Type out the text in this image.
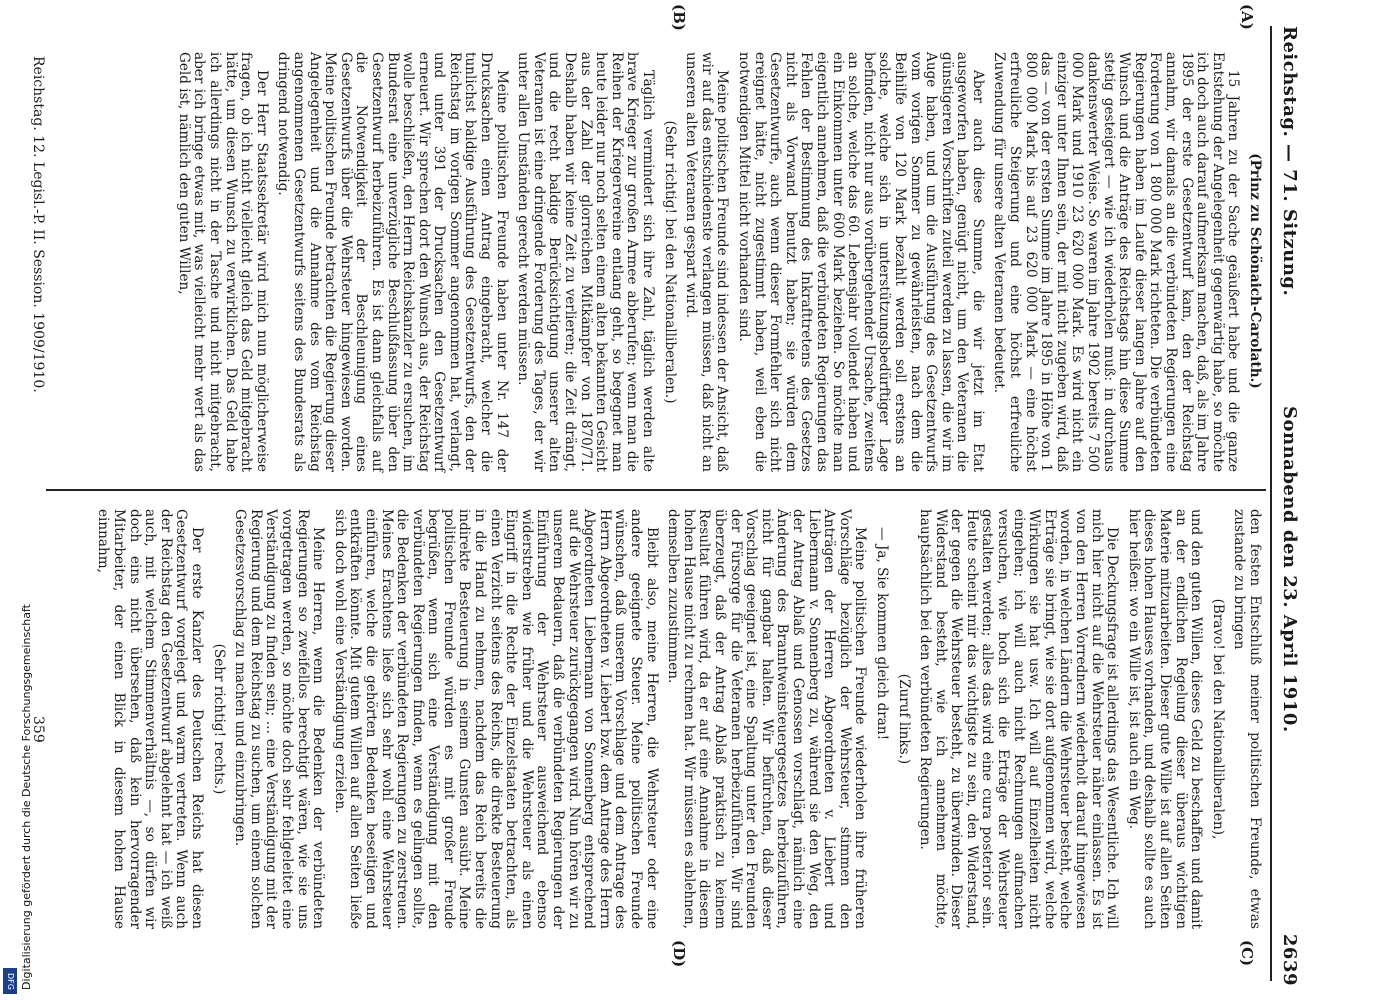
Reichstag. — 71. Sitzung.
Sonnabend den 23. April 1910.
2639
(A)
(B)
(C)
(D)

(Prinz zu Schönaich-Carolath.)

15 Jahren zu der Sache geäußert habe und die ganze Entstehung der Angelegenheit gegenwärtig habe, so möchte ich doch auch darauf aufmerksam machen, daß, als im Jahre 1895 der erste Gesetzentwurf kam, den der Reichstag annahm, wir damals an die verbündeten Regierungen eine Forderung von 1 800 000 Mark richteten. Die verbündeten Regierungen haben im Laufe dieser langen Jahre auf den Wunsch und die Anträge des Reichstags hin diese Summe stetig gesteigert — wie ich wiederholen muß: in durchaus dankenswerter Weise. So waren im Jahre 1902 bereits 7 500 000 Mark und 1910 23 620 000 Mark. Es wird nicht ein einziger unter Ihnen sein, der mit nicht zugeben wird, daß das — von der ersten Summe im Jahre 1895 in Höhe von 1 800 000 Mark bis auf 23 620 000 Mark — eine höchst erfreuliche Steigerung und eine höchst erfreuliche Zuwendung für unsere alten Veteranen bedeutet.

Aber auch diese Summe, die wir jetzt im Etat ausgeworfen haben, genügt nicht, um den Veteranen die günstigeren Vorschriften zuteil werden zu lassen, die wir im Auge haben, und um die Ausführung des Gesetzentwurfs vom vorigen Sommer zu gewährleisten, nach dem die Beihilfe von 120 Mark bezahlt werden soll erstens an solche, welche sich in unterstützungsbedürftiger Lage befinden, nicht nur aus vorübergehender Ursache, zweitens an solche, welche das 60. Lebensjahr vollendet haben und ein Einkommen unter 600 Mark beziehen. So möchte man eigentlich annehmen, daß die verbündeten Regierungen das Fehlen der Bestimmung des Inkrafttretens des Gesetzes nicht als Vorwand benutzt haben; sie würden dem Gesetzentwurfe, auch wenn dieser Formfehler sich nicht ereignet hätte, nicht zugestimmt haben, weil eben die notwendigen Mittel nicht vorhanden sind.

Meine politischen Freunde sind indessen der Ansicht, daß wir auf das entschiedenste verlangen müssen, daß nicht an unseren alten Veteranen gespart wird.

(Sehr richtig! bei den Nationalliberalen.)

Täglich vermindert sich ihre Zahl, täglich werden alte brave Krieger zur großen Armee abberufen; wenn man die Reihen der Kriegervereine entlang geht, so begegnet man heute leider nur noch selten einem alten bekannten Gesicht aus der Zahl der glorreichen Mitkämpfer von 1870/71. Deshalb haben wir keine Zeit zu verlieren; die Zeit drängt, und die recht baldige Berücksichtigung unserer alten Veteranen ist eine dringende Forderung des Tages, der wir unter allen Umständen gerecht werden müssen.

Meine politischen Freunde haben unter Nr. 147 der Drucksachen einen Antrag eingebracht, welcher die tunlichst baldige Ausführung des Gesetzentwurfs, den der Reichstag im vorigen Sommer angenommen hat, verlangt, und unter 391 der Drucksachen den Gesetzentwurf erneuert. Wir sprechen dort den Wunsch aus, der Reichstag wolle beschließen, den Herrn Reichskanzler zu ersuchen, im Bundesrat eine unverzügliche Beschlußfassung über den Gesetzentwurf herbeizuführen. Es ist dann gleichfalls auf die Notwendigkeit der Beschleunigung eines Gesetzentwurfs über die Wehrsteuer hingewiesen worden. Meine politischen Freunde betrachten die Regierung dieser Angelegenheit und die Annahme des vom Reichstag angenommenen Gesetzentwurfs seitens des Bundesrats als dringend notwendig.

Der Herr Staatssekretär wird mich nun möglicherweise fragen, ob ich nicht vielleicht gleich das Geld mitgebracht hätte, um diesen Wunsch zu verwirklichen. Das Geld habe ich allerdings nicht in der Tasche und nicht mitgebracht, aber ich bringe etwas mit, was vielleicht mehr wert als das Geld ist, nämlich den guten Willen,

den festen Entschluß meiner politischen Freunde, etwas zustande zu bringen

(Bravo! bei den Nationalliberalen),

und den guten Willen, dieses Geld zu beschaffen und damit an der endlichen Regelung dieser überaus wichtigen Materie mitzuarbeiten. Dieser gute Wille ist auf allen Seiten dieses hohen Hauses vorhanden, und deshalb sollte es auch hier heißen: wo ein Wille ist, ist auch ein Weg.

Die Deckungsfrage ist allerdings das Wesentliche. Ich will mich hier nicht auf die Wehrsteuer näher einlassen. Es ist von den Herren Vorrednern wiederholt darauf hingewiesen worden, in welchen Ländern die Wehrsteuer besteht, welche Erträge sie bringt, wie sie dort aufgenommen wird, welche Wirkungen sie hat usw. Ich will auf Einzelheiten nicht eingehen; ich will auch nicht Rechnungen aufmachen versuchen, wie hoch sich die Erträge der Wehrsteuer gestalten werden; alles das wird eine cura posterior sein. Heute scheint mir das wichtigste zu sein, den Widerstand, der gegen die Wehrsteuer besteht, zu überwinden. Dieser Widerstand besteht, wie ich annehmen möchte, hauptsächlich bei den verbündeten Regierungen.

(Zuruf links.)

— Ja, Sie kommen gleich dran!

Meine politischen Freunde wiederholen ihre früheren Vorschläge bezüglich der Wehrsteuer, stimmen den Anträgen der Herren Abgeordneten v. Liebert und Liebermann v. Sonnenberg zu, während sie den Weg, den der Antrag Ablaß und Genossen vorschlägt, nämlich eine Änderung des Branntweinsteuergesetzes herbeizuführen, nicht für gangbar halten. Wir befürchten, daß dieser Vorschlag geeignet ist, eine Spaltung unter den Freunden der Fürsorge für die Veteranen herbeizuführen. Wir sind überzeugt, daß der Antrag Ablaß praktisch zu keinem Resultat führen wird, da er auf eine Annahme in diesem hohen Hause nicht zu rechnen hat. Wir müssen es ablehnen, demselben zuzustimmen.

Bleibt also, meine Herren, die Wehrsteuer oder eine andere geeignete Steuer. Meine politischen Freunde wünschen, daß unserem Vorschlage und dem Antrage des Herrn Abgeordneten v. Liebert bzw. dem Antrage des Herrn Abgeordneten Liebermann von Sonnenberg entsprechend auf die Wehrsteuer zurückgegangen wird. Nun hören wir zu unserem Bedauern, daß die verbündeten Regierungen der Einführung der Wehrsteuer ausweichend ebenso widerstreben wie früher und die Wehrsteuer als einen Eingriff in die Rechte der Einzelstaaten betrachten, als einen Verzicht seitens des Reichs, die direkte Besteuerung in die Hand zu nehmen, nachdem das Reich bereits die indirekte Besteuerung in seinem Gunsten ausübt. Meine politischen Freunde würden es mit großer Freude begrüßen, wenn sich eine Verständigung mit den verbündeten Regierungen finden, wenn es gelingen sollte, die Bedenken der verbündeten Regierungen zu zerstreuen. Meines Erachtens ließe sich sehr wohl eine Wehrsteuer einführen, welche die gehörten Bedenken beseitigen und entkräften könnte. Mit gutem Willen auf allen Seiten ließe sich doch wohl eine Verständigung erzielen.

Meine Herren, wenn die Bedenken der verbündeten Regierungen so zweifellos berechtigt wären, wie sie uns vorgetragen werden, so möchte doch sehr fehlgeleitet eine Verständigung zu finden sein; ... eine Verständigung mit der Regierung und dem Reichstag zu suchen, um einem solchen Gesetzesvorschlag zu machen und einzubringen.

(Sehr richtig! rechts.)

Der erste Kanzler des Deutschen Reichs hat diesen Gesetzentwurf vorgelegt und warm vertreten. Wenn auch der Reichstag den Gesetzentwurf abgelehnt hat — ich weiß auch, mit welchem Stimmenverhältnis —, so dürfen wir doch eins nicht übersehen, daß kein hervorragender Mitarbeiter, der einen Blick in diesem hohen Hause einnahm,

Reichstag. 12. Legisl.-P. II. Session. 1909/1910.
359
Digitalisierung gefördert durch die Deutsche Forschungsgemeinschaft
DFG
